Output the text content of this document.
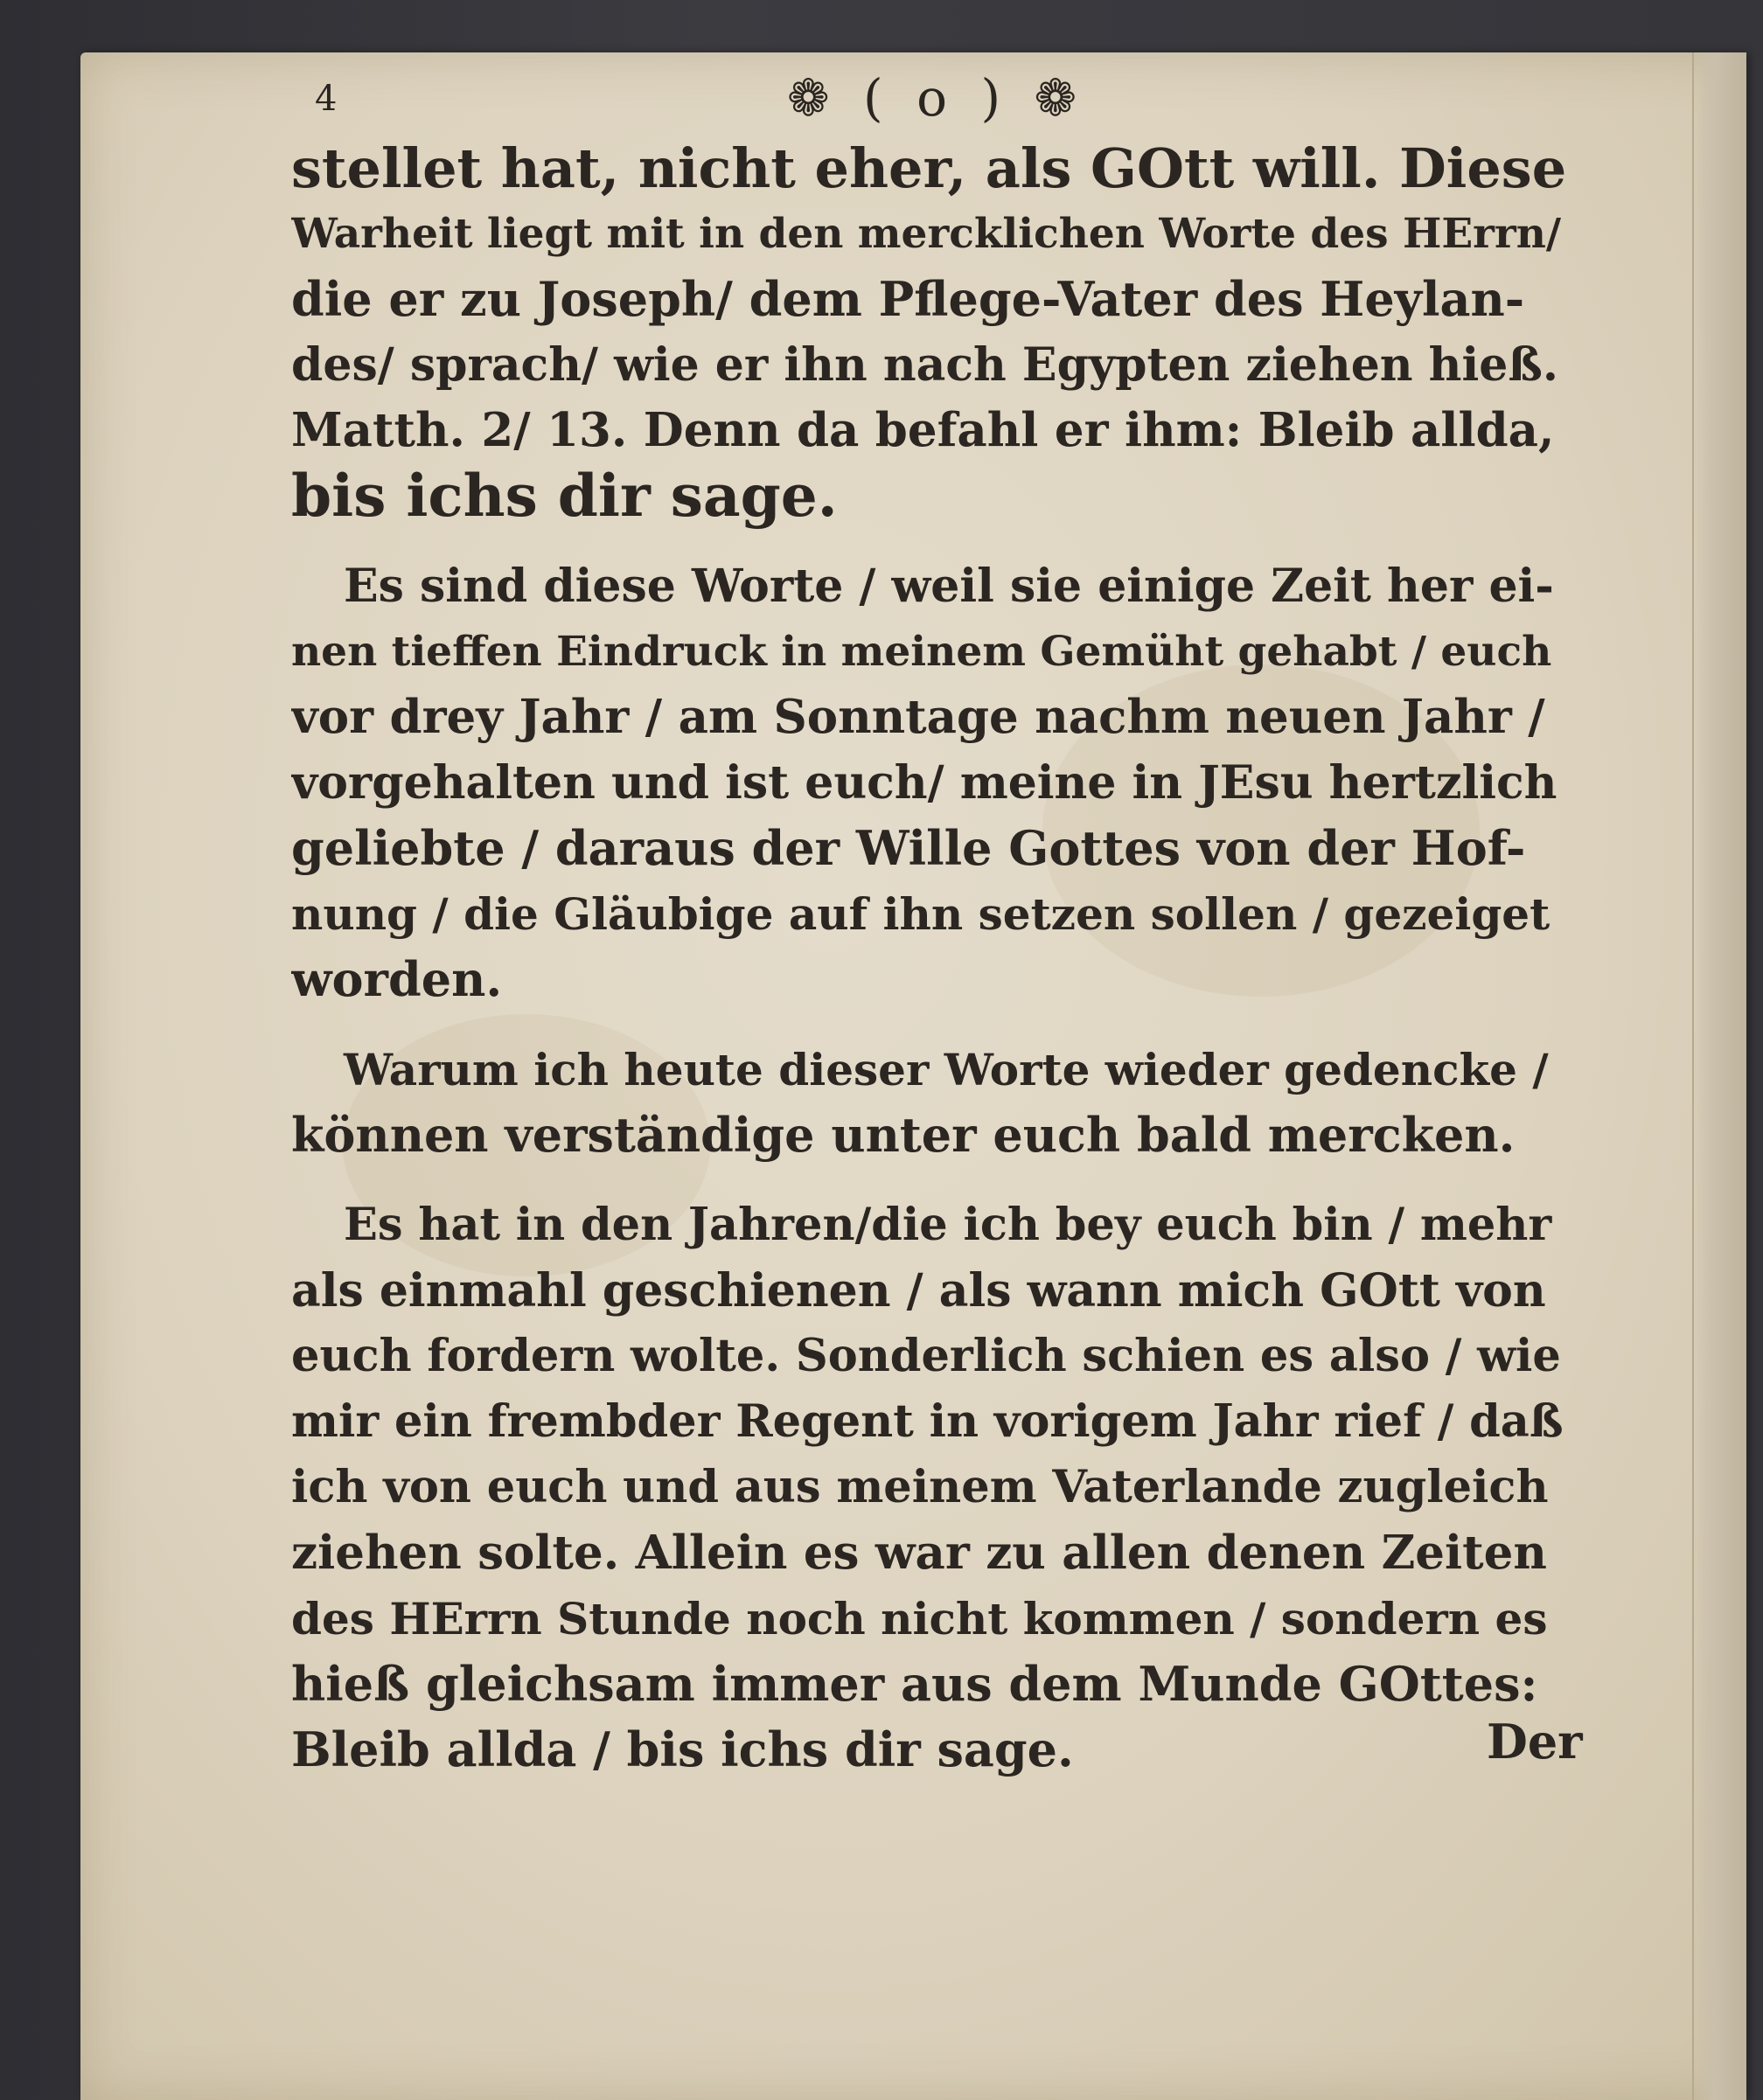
4	❁ ( o ) ❁
stellet hat, nicht eher, als GOtt will. Diese
Warheit liegt mit in den mercklichen Worte des HErrn/
die er zu Joseph/ dem Pflege-Vater des Heylan-
des/ sprach/ wie er ihn nach Egypten ziehen hieß.
Matth. 2/ 13. Denn da befahl er ihm: Bleib allda,
bis ichs dir sage.
Es sind diese Worte / weil sie einige Zeit her ei-
nen tieffen Eindruck in meinem Gemüht gehabt / euch
vor drey Jahr / am Sonntage nachm neuen Jahr /
vorgehalten und ist euch/ meine in JEsu hertzlich
geliebte / daraus der Wille Gottes von der Hof-
nung / die Gläubige auf ihn setzen sollen / gezeiget
worden.
Warum ich heute dieser Worte wieder gedencke /
können verständige unter euch bald mercken.
Es hat in den Jahren/die ich bey euch bin / mehr
als einmahl geschienen / als wann mich GOtt von
euch fordern wolte. Sonderlich schien es also / wie
mir ein frembder Regent in vorigem Jahr rief / daß
ich von euch und aus meinem Vaterlande zugleich
ziehen solte. Allein es war zu allen denen Zeiten
des HErrn Stunde noch nicht kommen / sondern es
hieß gleichsam immer aus dem Munde GOttes:
Bleib allda / bis ichs dir sage.	Der
